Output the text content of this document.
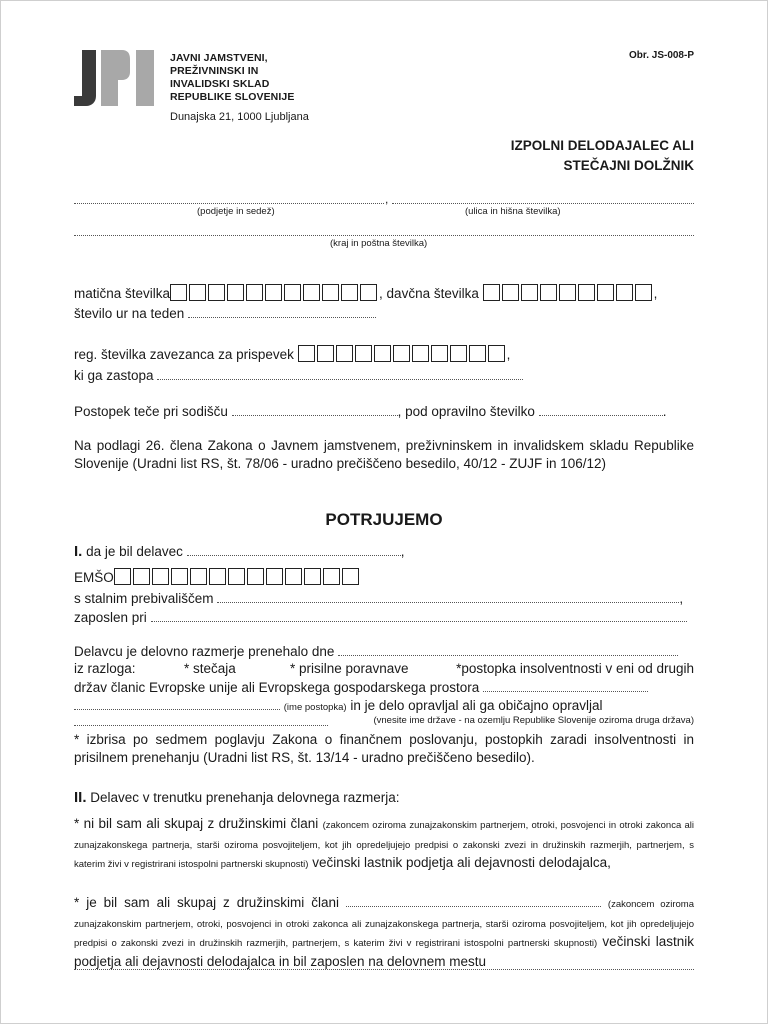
JAVNI JAMSTVENI,
PREŽIVNINSKI IN
INVALIDSKI SKLAD
REPUBLIKE SLOVENIJE
Dunajska 21, 1000 Ljubljana
Obr. JS-008-P
IZPOLNI DELODAJALEC ALI
STEČAJNI DOLŽNIK
,
(podjetje in sedež)	(ulica in hišna številka)
(kraj in poštna številka)
matična številka	, davčna številka	,
število ur na teden
reg. številka zavezanca za prispevek	,
ki ga zastopa
Postopek teče pri sodišču	, pod opravilno številko	.
Na podlagi 26. člena Zakona o Javnem jamstvenem, preživninskem in invalidskem skladu Republike Slovenije (Uradni list RS, št. 78/06 - uradno prečiščeno besedilo, 40/12 - ZUJF in 106/12)
POTRJUJEMO
I. da je bil delavec	,
EMŠO
s stalnim prebivališčem	,
zaposlen pri
Delavcu je delovno razmerje prenehalo dne
iz razloga:	* stečaja	* prisilne poravnave	*postopka insolventnosti v eni od drugih
držav članic Evropske unije ali Evropskega gospodarskega prostora
(ime postopka) in je delo opravljal ali ga običajno opravljal
(vnesite ime države - na ozemlju Republike Slovenije oziroma druga država)
* izbrisa po sedmem poglavju Zakona o finančnem poslovanju, postopkih zaradi insolventnosti in prisilnem prenehanju (Uradni list RS, št. 13/14 - uradno prečiščeno besedilo).
II. Delavec v trenutku prenehanja delovnega razmerja:
* ni bil sam ali skupaj z družinskimi člani (zakoncem oziroma zunajzakonskim partnerjem, otroki, posvojenci in otroki zakonca ali zunajzakonskega partnerja, starši oziroma posvojiteljem, kot jih opredeljujejo predpisi o zakonski zvezi in družinskih razmerjih, partnerjem, s katerim živi v registrirani istospolni partnerski skupnosti) večinski lastnik podjetja ali dejavnosti delodajalca,
* je bil sam ali skupaj z družinskimi člani	(zakoncem oziroma zunajzakonskim partnerjem, otroki, posvojenci in otroki zakonca ali zunajzakonskega partnerja, starši oziroma posvojiteljem, kot jih opredeljujejo predpisi o zakonski zvezi in družinskih razmerjih, partnerjem, s katerim živi v registrirani istospolni partnerski skupnosti) večinski lastnik podjetja ali dejavnosti delodajalca in bil zaposlen na delovnem mestu
